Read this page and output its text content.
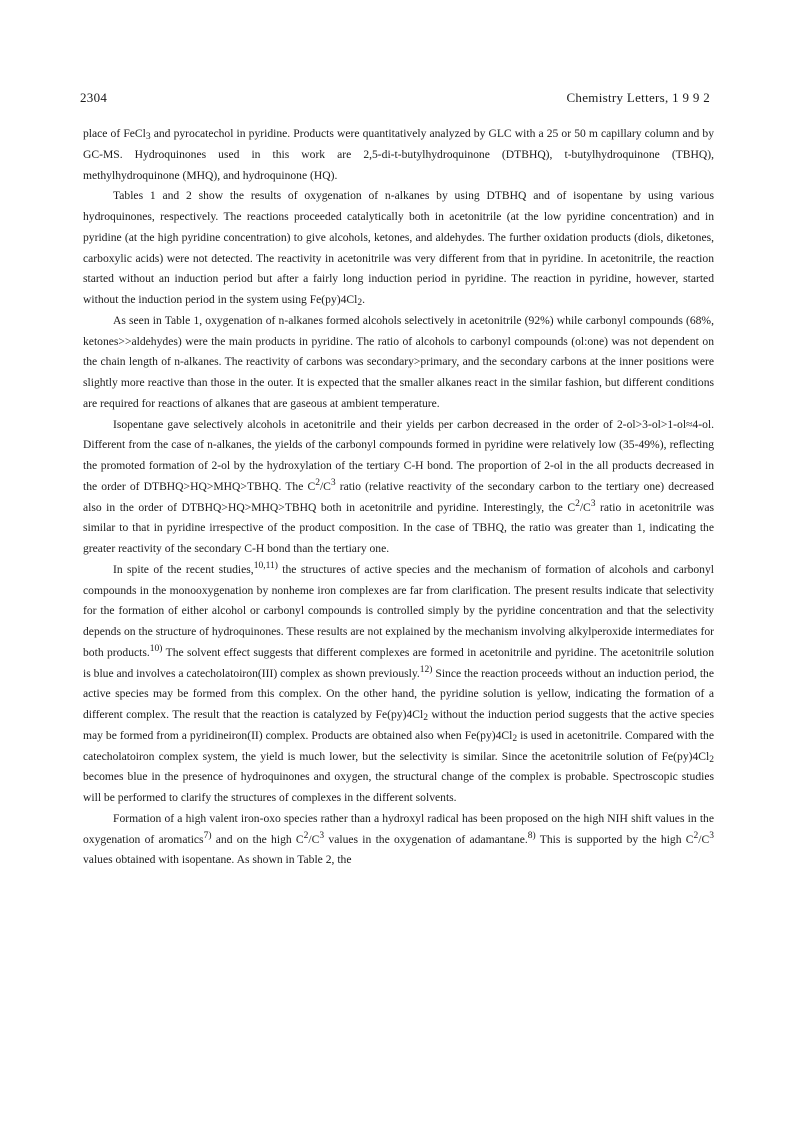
2304	Chemistry Letters, 1 9 9 2

place of FeCl$_3$ and pyrocatechol in pyridine. Products were quantitatively analyzed by GLC with a 25 or 50 m capillary column and by GC-MS. Hydroquinones used in this work are 2,5-di-t-butylhydroquinone (DTBHQ), t-butylhydroquinone (TBHQ), methylhydroquinone (MHQ), and hydroquinone (HQ).

Tables 1 and 2 show the results of oxygenation of n-alkanes by using DTBHQ and of isopentane by using various hydroquinones, respectively. The reactions proceeded catalytically both in acetonitrile (at the low pyridine concentration) and in pyridine (at the high pyridine concentration) to give alcohols, ketones, and aldehydes. The further oxidation products (diols, diketones, carboxylic acids) were not detected. The reactivity in acetonitrile was very different from that in pyridine. In acetonitrile, the reaction started without an induction period but after a fairly long induction period in pyridine. The reaction in pyridine, however, started without the induction period in the system using $Fe(py)4Cl_2$.

As seen in Table 1, oxygenation of n-alkanes formed alcohols selectively in acetonitrile (92%) while carbonyl compounds (68%, ketones>>aldehydes) were the main products in pyridine. The ratio of alcohols to carbonyl compounds (ol:one) was not dependent on the chain length of n-alkanes. The reactivity of carbons was secondary>primary, and the secondary carbons at the inner positions were slightly more reactive than those in the outer. It is expected that the smaller alkanes react in the similar fashion, but different conditions are required for reactions of alkanes that are gaseous at ambient temperature.

Isopentane gave selectively alcohols in acetonitrile and their yields per carbon decreased in the order of 2-ol>3-ol>1-ol≈4-ol. Different from the case of n-alkanes, the yields of the carbonyl compounds formed in pyridine were relatively low (35-49%), reflecting the promoted formation of 2-ol by the hydroxylation of the tertiary C-H bond. The proportion of 2-ol in the all products decreased in the order of DTBHQ>HQ>MHQ>TBHQ. The $C^2/C^3$ ratio (relative reactivity of the secondary carbon to the tertiary one) decreased also in the order of DTBHQ>HQ>MHQ>TBHQ both in acetonitrile and pyridine. Interestingly, the $C^2/C^3$ ratio in acetonitrile was similar to that in pyridine irrespective of the product composition. In the case of TBHQ, the ratio was greater than 1, indicating the greater reactivity of the secondary C-H bond than the tertiary one.

In spite of the recent studies,$^{10,11)}$ the structures of active species and the mechanism of formation of alcohols and carbonyl compounds in the monooxygenation by nonheme iron complexes are far from clarification. The present results indicate that selectivity for the formation of either alcohol or carbonyl compounds is controlled simply by the pyridine concentration and that the selectivity depends on the structure of hydroquinones. These results are not explained by the mechanism involving alkylperoxide intermediates for both products.$^{10)}$ The solvent effect suggests that different complexes are formed in acetonitrile and pyridine. The acetonitrile solution is blue and involves a catecholatoiron(III) complex as shown previously.$^{12)}$ Since the reaction proceeds without an induction period, the active species may be formed from this complex. On the other hand, the pyridine solution is yellow, indicating the formation of a different complex. The result that the reaction is catalyzed by $Fe(py)4Cl_2$ without the induction period suggests that the active species may be formed from a pyridineiron(II) complex. Products are obtained also when $Fe(py)4Cl_2$ is used in acetonitrile. Compared with the catecholatoiron complex system, the yield is much lower, but the selectivity is similar. Since the acetonitrile solution of $Fe(py)4Cl_2$ becomes blue in the presence of hydroquinones and oxygen, the structural change of the complex is probable. Spectroscopic studies will be performed to clarify the structures of complexes in the different solvents.

Formation of a high valent iron-oxo species rather than a hydroxyl radical has been proposed on the high NIH shift values in the oxygenation of aromatics$^{7)}$ and on the high $C^2/C^3$ values in the oxygenation of adamantane.$^{8)}$ This is supported by the high $C^2/C^3$ values obtained with isopentane. As shown in Table 2, the
